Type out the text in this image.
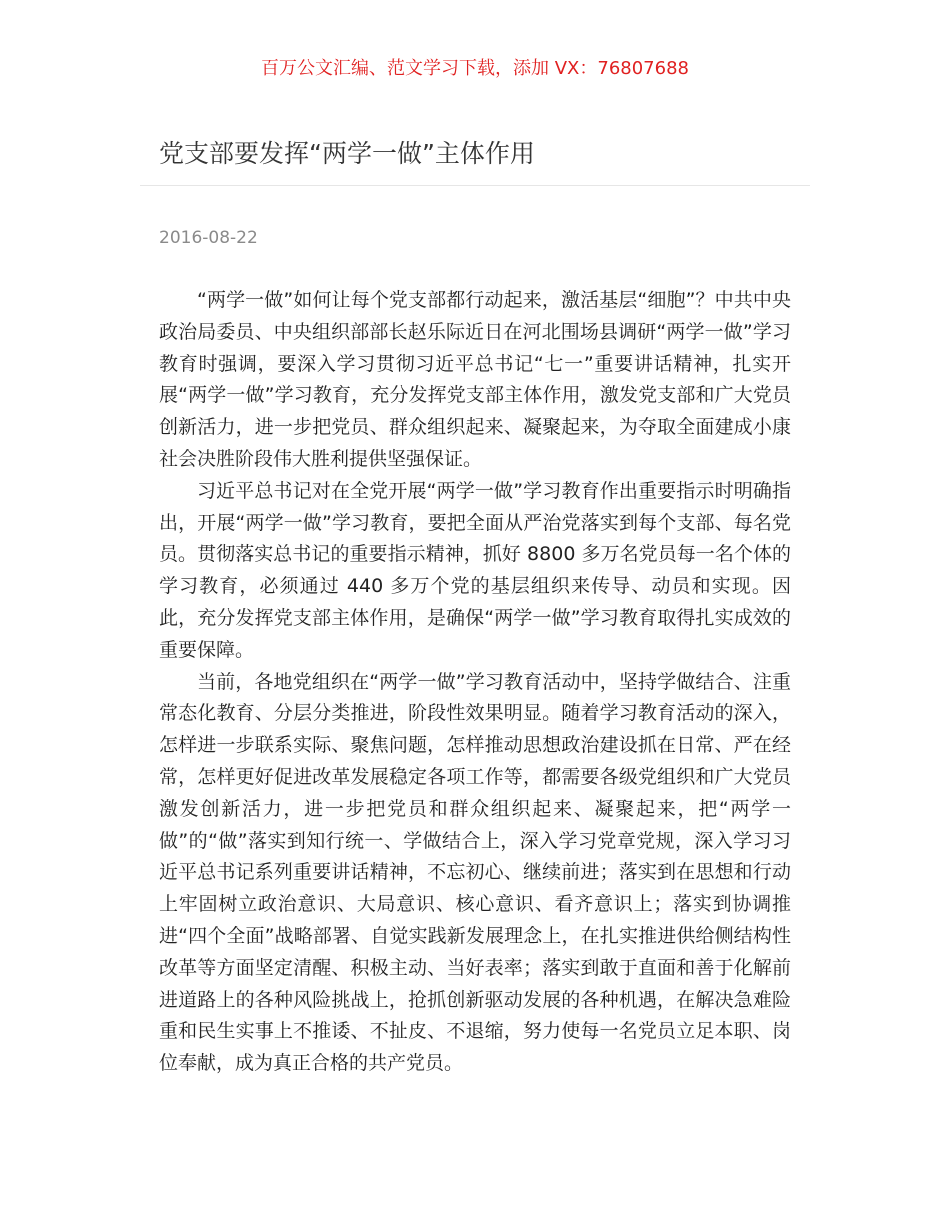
百万公文汇编、范文学习下载，添加 VX：76807688
党支部要发挥“两学一做”主体作用
2016-08-22

“两学一做”如何让每个党支部都行动起来，激活基层“细胞”？中共中央政治局委员、中央组织部部长赵乐际近日在河北围场县调研“两学一做”学习教育时强调，要深入学习贯彻习近平总书记“七一”重要讲话精神，扎实开展“两学一做”学习教育，充分发挥党支部主体作用，激发党支部和广大党员创新活力，进一步把党员、群众组织起来、凝聚起来，为夺取全面建成小康社会决胜阶段伟大胜利提供坚强保证。

习近平总书记对在全党开展“两学一做”学习教育作出重要指示时明确指出，开展“两学一做”学习教育，要把全面从严治党落实到每个支部、每名党员。贯彻落实总书记的重要指示精神，抓好 8800 多万名党员每一名个体的学习教育，必须通过 440 多万个党的基层组织来传导、动员和实现。因此，充分发挥党支部主体作用，是确保“两学一做”学习教育取得扎实成效的重要保障。

当前，各地党组织在“两学一做”学习教育活动中，坚持学做结合、注重常态化教育、分层分类推进，阶段性效果明显。随着学习教育活动的深入，怎样进一步联系实际、聚焦问题，怎样推动思想政治建设抓在日常、严在经常，怎样更好促进改革发展稳定各项工作等，都需要各级党组织和广大党员激发创新活力，进一步把党员和群众组织起来、凝聚起来，把“两学一做”的“做”落实到知行统一、学做结合上，深入学习党章党规，深入学习习近平总书记系列重要讲话精神，不忘初心、继续前进；落实到在思想和行动上牢固树立政治意识、大局意识、核心意识、看齐意识上；落实到协调推进“四个全面”战略部署、自觉实践新发展理念上，在扎实推进供给侧结构性改革等方面坚定清醒、积极主动、当好表率；落实到敢于直面和善于化解前进道路上的各种风险挑战上，抢抓创新驱动发展的各种机遇，在解决急难险重和民生实事上不推诿、不扯皮、不退缩，努力使每一名党员立足本职、岗位奉献，成为真正合格的共产党员。
